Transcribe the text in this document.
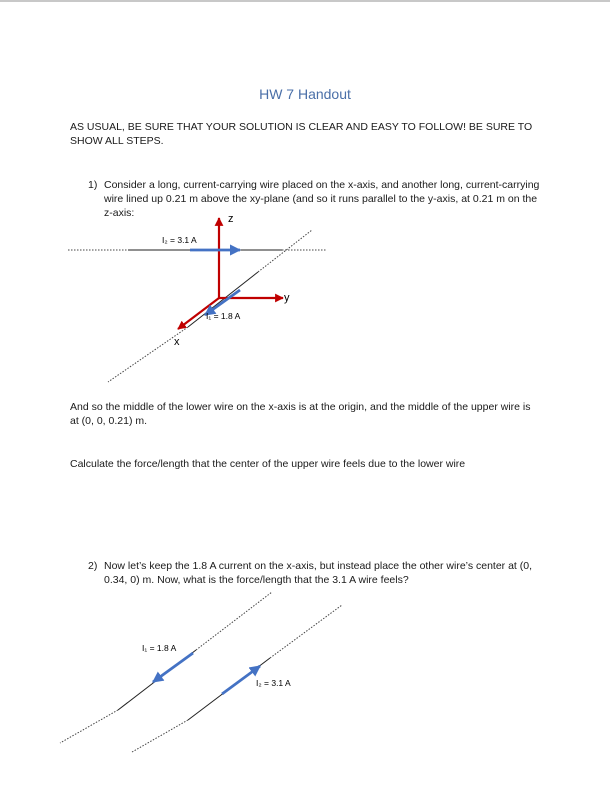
HW 7 Handout
AS USUAL, BE SURE THAT YOUR SOLUTION IS CLEAR AND EASY TO FOLLOW! BE SURE TO SHOW ALL STEPS.
1) Consider a long, current-carrying wire placed on the x-axis, and another long, current-carrying wire lined up 0.21 m above the xy-plane (and so it runs parallel to the y-axis, at 0.21 m on the z-axis:	z
y
x
I₂ = 3.1 A
I₁ = 1.8 A
I₁ = 1.8 A
I₂ = 3.1 A
And so the middle of the lower wire on the x-axis is at the origin, and the middle of the upper wire is at (0, 0, 0.21) m.
Calculate the force/length that the center of the upper wire feels due to the lower wire
2) Now let’s keep the 1.8 A current on the x-axis, but instead place the other wire’s center at (0, 0.34, 0) m. Now, what is the force/length that the 3.1 A wire feels?
